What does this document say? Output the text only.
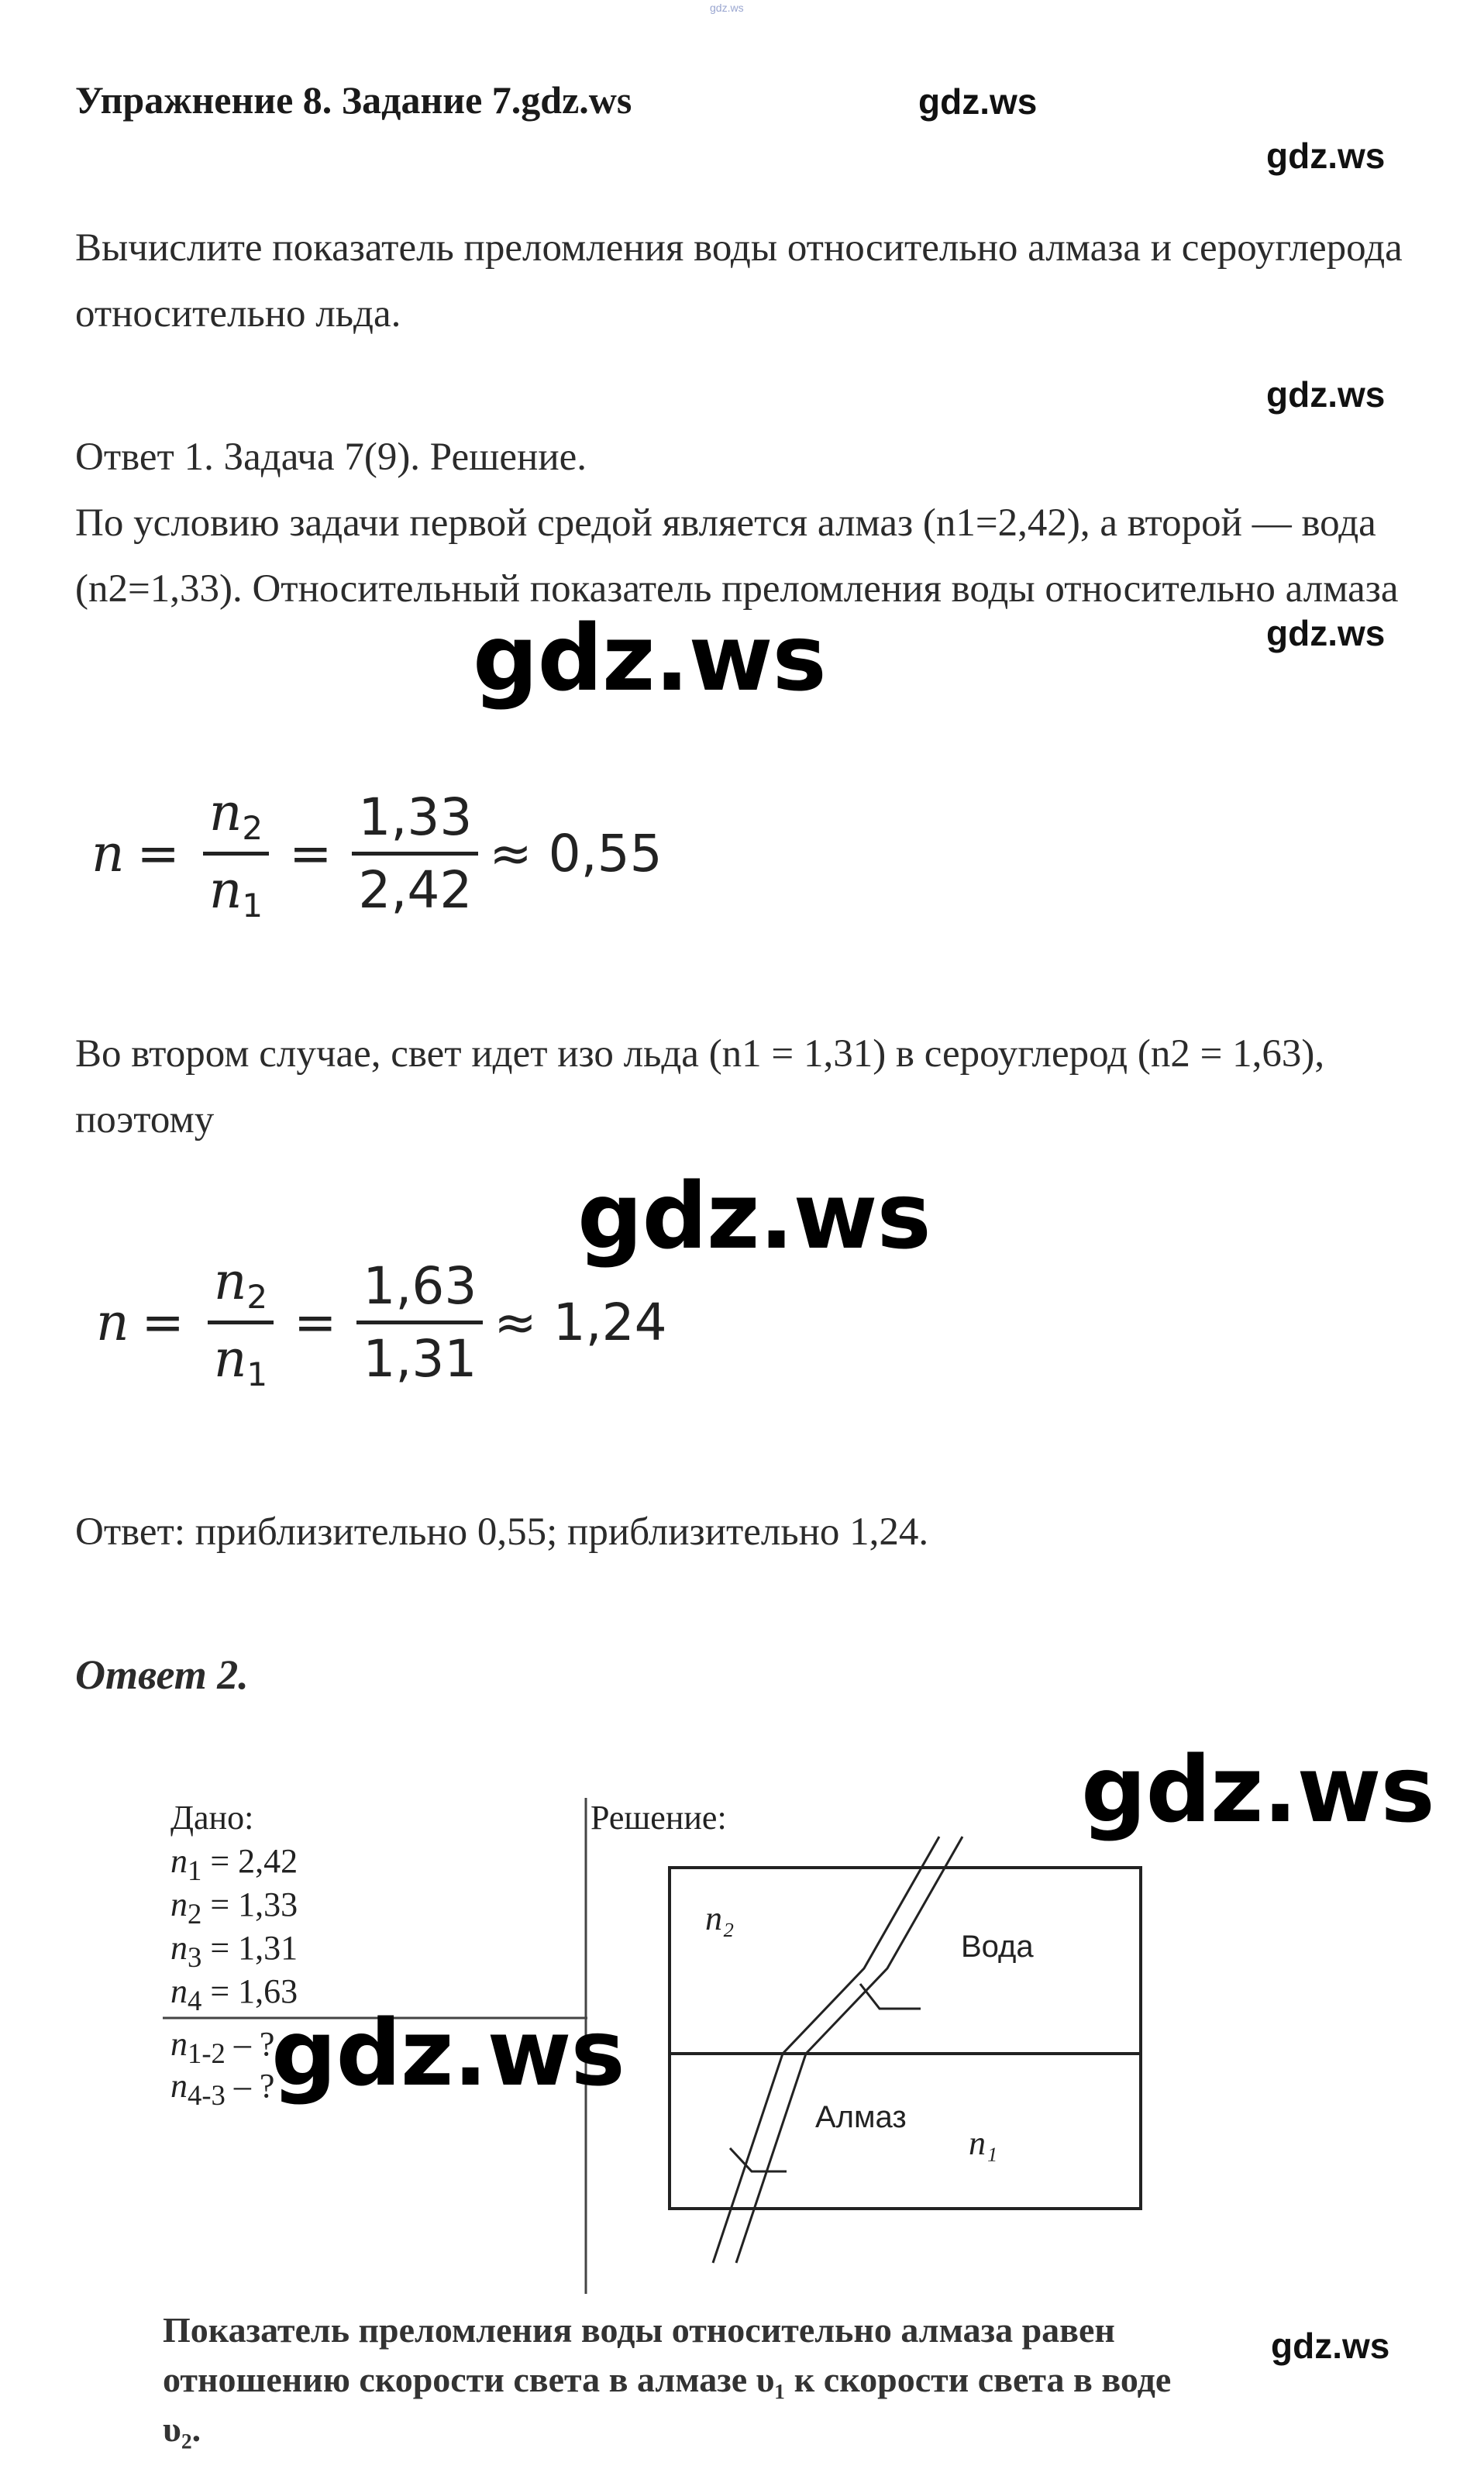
gdz.ws
Упражнение 8. Задание 7.gdz.ws	gdz.ws
gdz.ws
Вычислите показатель преломления воды относительно алмаза и сероуглерода относительно льда.
gdz.ws
Ответ 1. Задача 7(9). Решение.
По условию задачи первой средой является алмаз (n1=2,42), а второй — вода (n2=1,33). Относительный показатель преломления воды относительно алмаза
gdz.ws
gdz.ws
$n = \frac{n_2}{n_1} = \frac{1,33}{2,42} \approx 0,55$
Во втором случае, свет идет изо льда (n1 = 1,31) в сероуглерод (n2 = 1,63), поэтому
gdz.ws
$n = \frac{n_2}{n_1} = \frac{1,63}{1,31} \approx 1,24$
Ответ: приблизительно 0,55; приблизительно 1,24.
Ответ 2.
Дано:
$n_1 = 2,42$
$n_2 = 1,33$
$n_3 = 1,31$
$n_4 = 1,63$
$n_{1-2}$ – ?
$n_{4-3}$ – ?
Решение:
n₂
Вода
Алмаз
n₁
Показатель преломления воды относительно алмаза равен отношению скорости света в алмазе υ₁ к скорости света в воде υ₂.
gdz.ws
gdz.ws
gdz.ws
